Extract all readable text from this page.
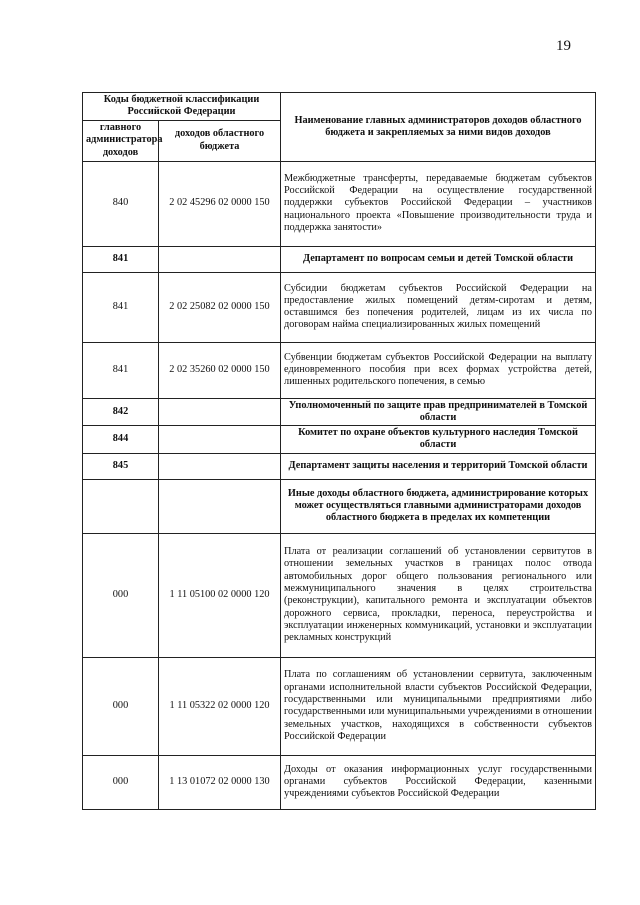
19
Коды бюджетной классификации Российской Федерации		Наименование главных администраторов доходов областного бюджета и закрепляемых за ними видов доходов
главного администратора доходов	доходов областного бюджета	
840	2 02 45296 02 0000 150	Межбюджетные трансферты, передаваемые бюджетам субъектов Российской Федерации на осуществление государственной поддержки субъектов Российской Федерации – участников национального проекта «Повышение производительности труда и поддержка занятости»
841		Департамент по вопросам семьи и детей Томской области
841	2 02 25082 02 0000 150	Субсидии бюджетам субъектов Российской Федерации на предоставление жилых помещений детям-сиротам и детям, оставшимся без попечения родителей, лицам из их числа по договорам найма специализированных жилых помещений
841	2 02 35260 02 0000 150	Субвенции бюджетам субъектов Российской Федерации на выплату единовременного пособия при всех формах устройства детей, лишенных родительского попечения, в семью
842		Уполномоченный по защите прав предпринимателей в Томской области
844		Комитет по охране объектов культурного наследия Томской области
845		Департамент защиты населения и территорий Томской области
		Иные доходы областного бюджета, администрирование которых может осуществляться главными администраторами доходов областного бюджета в пределах их компетенции
000	1 11 05100 02 0000 120	Плата от реализации соглашений об установлении сервитутов в отношении земельных участков в границах полос отвода автомобильных дорог общего пользования регионального или межмуниципального значения в целях строительства (реконструкции), капитального ремонта и эксплуатации объектов дорожного сервиса, прокладки, переноса, переустройства и эксплуатации инженерных коммуникаций, установки и эксплуатации рекламных конструкций
000	1 11 05322 02 0000 120	Плата по соглашениям об установлении сервитута, заключенным органами исполнительной власти субъектов Российской Федерации, государственными или муниципальными предприятиями либо государственными или муниципальными учреждениями в отношении земельных участков, находящихся в собственности субъектов Российской Федерации
000	1 13 01072 02 0000 130	Доходы от оказания информационных услуг государственными органами субъектов Российской Федерации, казенными учреждениями субъектов Российской Федерации
